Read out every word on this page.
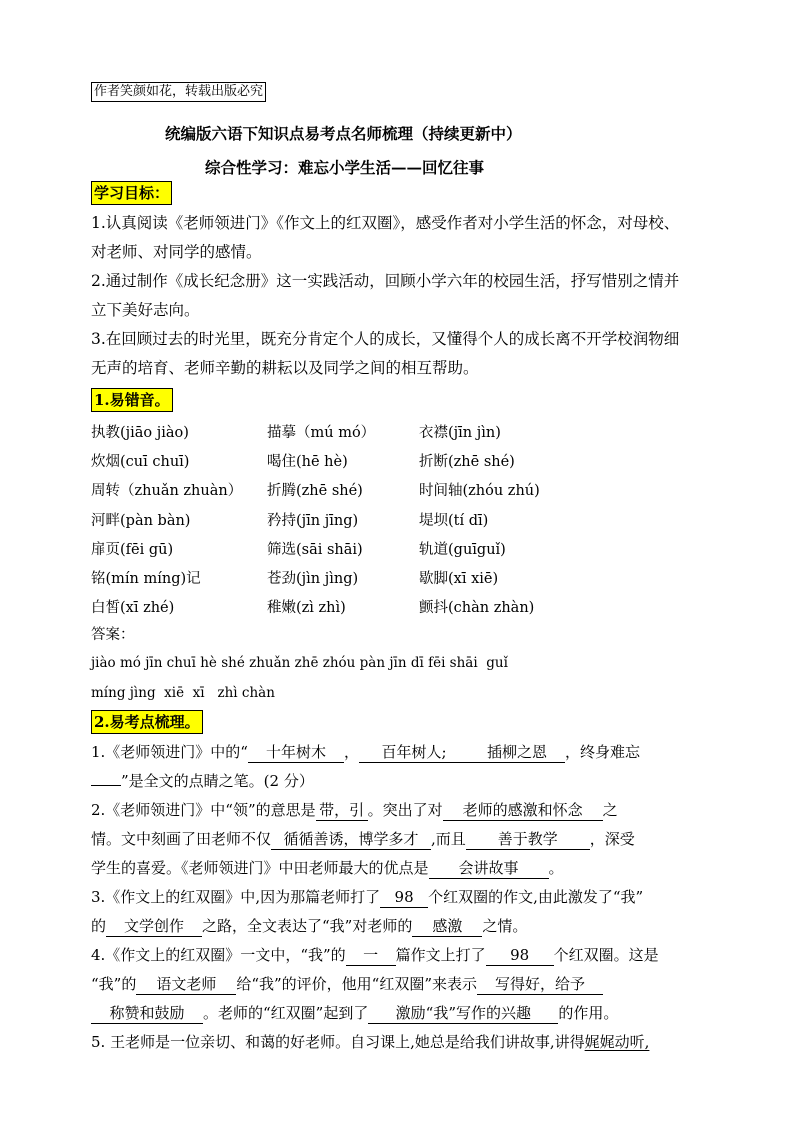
作者笑颜如花，转载出版必究
统编版六语下知识点易考点名师梳理（持续更新中）
综合性学习：难忘小学生活——回忆往事
学习目标：
1.认真阅读《老师领进门》《作文上的红双圈》，感受作者对小学生活的怀念，对母校、
对老师、对同学的感情。
2.通过制作《成长纪念册》这一实践活动，回顾小学六年的校园生活，抒写惜别之情并
立下美好志向。
3.在回顾过去的时光里，既充分肯定个人的成长，又懂得个人的成长离不开学校润物细
无声的培育、老师辛勤的耕耘以及同学之间的相互帮助。
1.易错音。
执教(jiāo jiào)	描摹（mú mó）	衣襟(jīn jìn)
炊烟(cuī chuī)	喝住(hē hè)	折断(zhē shé)
周转（zhuǎn zhuàn） 折腾(zhē shé)	时间轴(zhóu zhú)
河畔(pàn bàn)	矜持(jīn jīng)	堤坝(tí dī)
扉页(fēi gū)	筛选(sāi shāi)	轨道(guīguǐ)
铭(mín míng)记	苍劲(jìn jìng)	歇脚(xī xiē)
白皙(xī zhé)	稚嫩(zì zhì)	颤抖(chàn zhàn)
答案：
jiào mó jīn chuī hè shé zhuǎn zhē zhóu pàn jīn dī fēi shāi  guǐ
míng jìng  xiē  xī   zhì chàn
2.易考点梳理。
1.《老师领进门》中的“ 十年树木 ， 百年树人;	插柳之恩 ，终身难忘
”是全文的点睛之笔。(2 分）
2.《老师领进门》中“领”的意思是 带，引 。突出了对 老师的感激和怀念 之
情。文中刻画了田老师不仅 循循善诱，博学多才 ,而且 善于教学 ，深受
学生的喜爱。《老师领进门》中田老师最大的优点是 会讲故事 。
3.《作文上的红双圈》中,因为那篇老师打了 98 个红双圈的作文,由此激发了“我”
的 文学创作 之路，全文表达了“我”对老师的 感激 之情。
4.《作文上的红双圈》一文中，“我”的 一 篇作文上打了 98 个红双圈。这是
“我”的 语文老师 给“我”的评价，他用“红双圈”来表示 写得好，给予
称赞和鼓励 。老师的“红双圈”起到了 激励“我”写作的兴趣 的作用。
5. 王老师是一位亲切、和蔼的好老师。自习课上,她总是给我们讲故事,讲得娓娓动听,
